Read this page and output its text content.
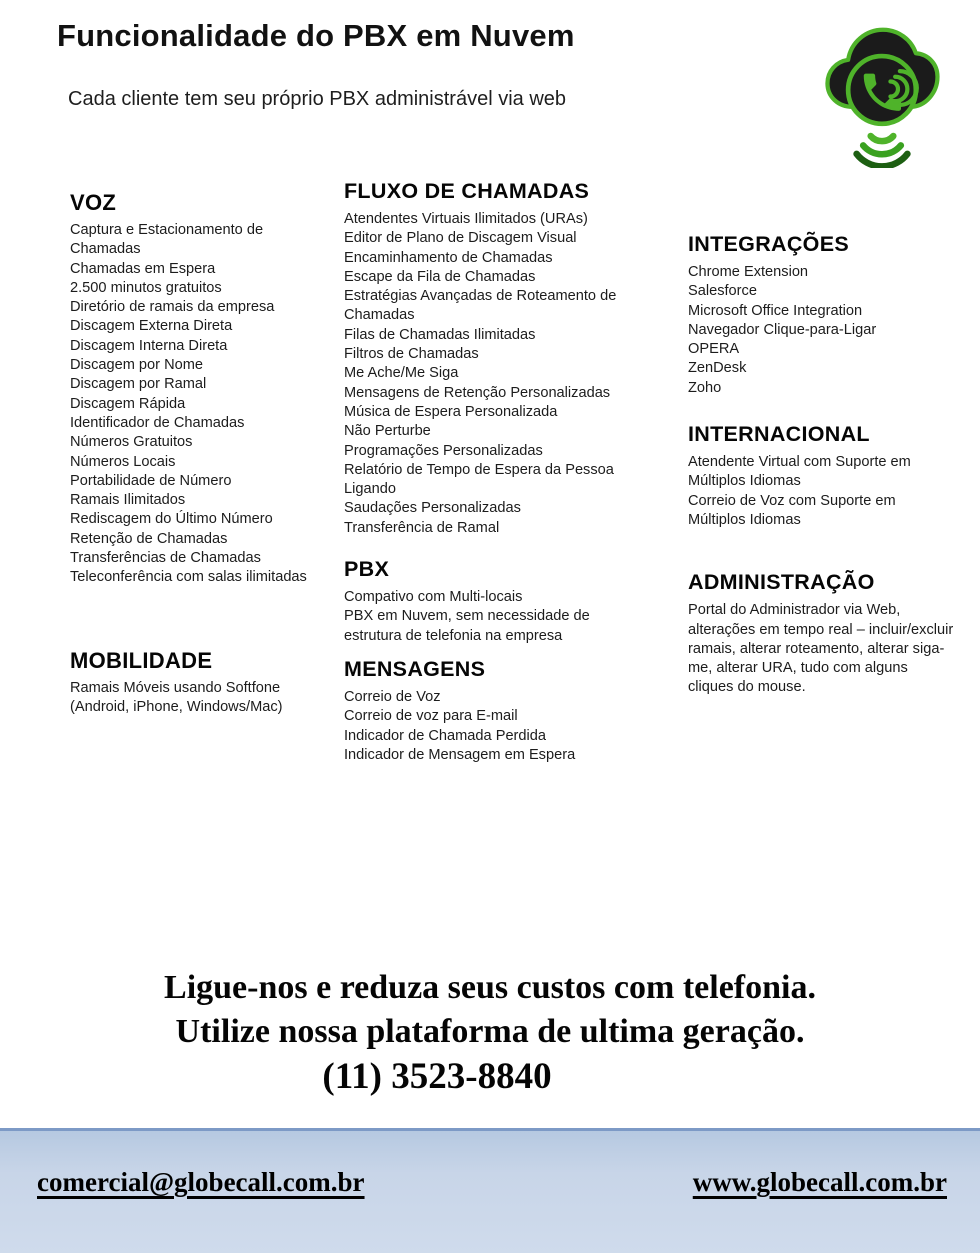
Funcionalidade do PBX em Nuvem
Cada cliente tem seu próprio PBX administrável via web
VOZ
Captura e Estacionamento de Chamadas
Chamadas em Espera
2.500 minutos gratuitos
Diretório de ramais da empresa
Discagem Externa Direta
Discagem Interna Direta
Discagem por Nome
Discagem por Ramal
Discagem Rápida
Identificador de Chamadas
Números Gratuitos
Números Locais
Portabilidade de Número
Ramais Ilimitados
Rediscagem do Último Número
Retenção de Chamadas
Transferências de Chamadas
Teleconferência com salas ilimitadas
MOBILIDADE
Ramais Móveis usando Softfone
(Android, iPhone, Windows/Mac)
FLUXO DE CHAMADAS
Atendentes Virtuais Ilimitados (URAs)
Editor de Plano de Discagem Visual
Encaminhamento de Chamadas
Escape da Fila de Chamadas
Estratégias Avançadas de Roteamento de Chamadas
Filas de Chamadas Ilimitadas
Filtros de Chamadas
Me Ache/Me Siga
Mensagens de Retenção Personalizadas
Música de Espera Personalizada
Não Perturbe
Programações Personalizadas
Relatório de Tempo de Espera da Pessoa Ligando
Saudações Personalizadas
Transferência de Ramal
PBX
Compativo com Multi-locais
PBX em Nuvem, sem necessidade de estrutura de telefonia na empresa
MENSAGENS
Correio de Voz
Correio de voz para E-mail
Indicador de Chamada Perdida
Indicador de Mensagem em Espera
INTEGRAÇÕES
Chrome Extension
Salesforce
Microsoft Office Integration
Navegador Clique-para-Ligar
OPERA
ZenDesk
Zoho
INTERNACIONAL
Atendente Virtual com Suporte em Múltiplos Idiomas
Correio de Voz com Suporte em Múltiplos Idiomas
ADMINISTRAÇÃO
Portal do Administrador via Web, alterações em tempo real – incluir/excluir ramais, alterar roteamento, alterar siga-me, alterar URA, tudo com alguns cliques do mouse.
Ligue-nos e reduza seus custos com telefonia.
Utilize nossa plataforma de ultima geração.
(11) 3523-8840
comercial@globecall.com.br	www.globecall.com.br
